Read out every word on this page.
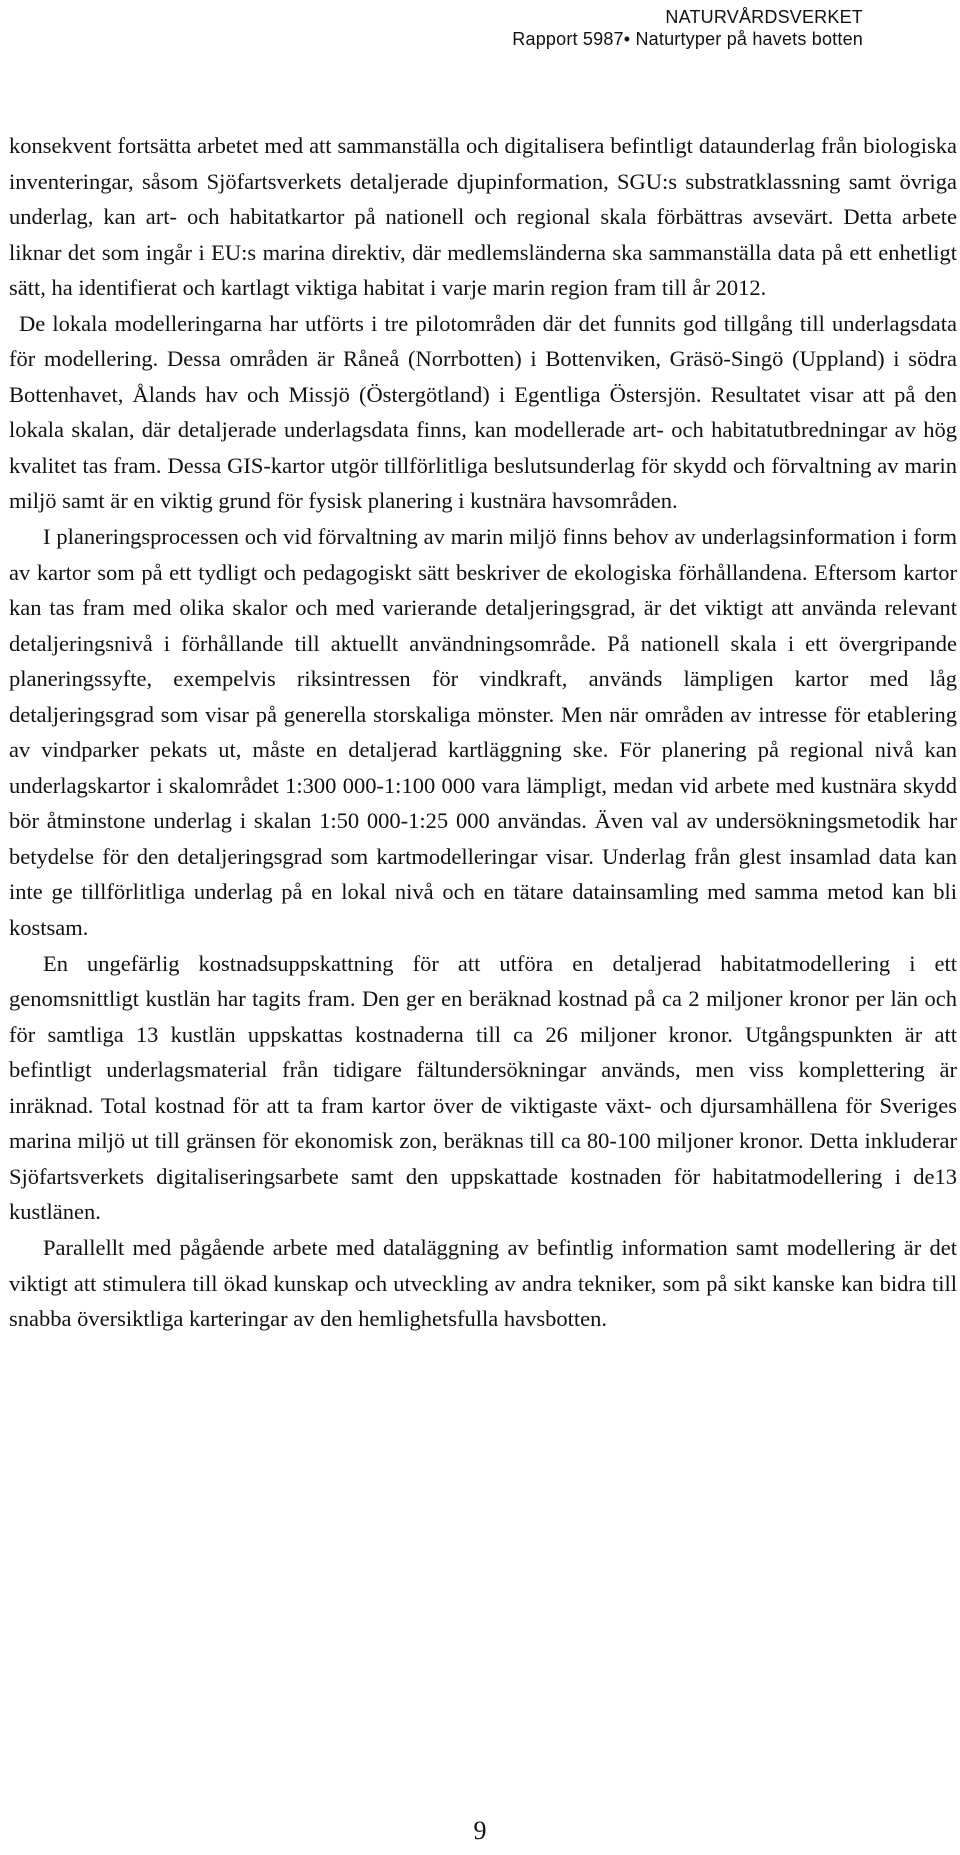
NATURVÅRDSVERKET
Rapport 5987• Naturtyper på havets botten

konsekvent fortsätta arbetet med att sammanställa och digitalisera befintligt dataunderlag från biologiska inventeringar, såsom Sjöfartsverkets detaljerade djupinformation, SGU:s substratklassning samt övriga underlag, kan art- och habitatkartor på nationell och regional skala förbättras avsevärt. Detta arbete liknar det som ingår i EU:s marina direktiv, där medlemsländerna ska sammanställa data på ett enhetligt sätt, ha identifierat och kartlagt viktiga habitat i varje marin region fram till år 2012.

De lokala modelleringarna har utförts i tre pilotområden där det funnits god tillgång till underlagsdata för modellering. Dessa områden är Råneå (Norrbotten) i Bottenviken, Gräsö-Singö (Uppland) i södra Bottenhavet, Ålands hav och Missjö (Östergötland) i Egentliga Östersjön. Resultatet visar att på den lokala skalan, där detaljerade underlagsdata finns, kan modellerade art- och habitatutbredningar av hög kvalitet tas fram. Dessa GIS-kartor utgör tillförlitliga beslutsunderlag för skydd och förvaltning av marin miljö samt är en viktig grund för fysisk planering i kustnära havsområden.

I planeringsprocessen och vid förvaltning av marin miljö finns behov av underlagsinformation i form av kartor som på ett tydligt och pedagogiskt sätt beskriver de ekologiska förhållandena. Eftersom kartor kan tas fram med olika skalor och med varierande detaljeringsgrad, är det viktigt att använda relevant detaljeringsnivå i förhållande till aktuellt användningsområde. På nationell skala i ett övergripande planeringssyfte, exempelvis riksintressen för vindkraft, används lämpligen kartor med låg detaljeringsgrad som visar på generella storskaliga mönster. Men när områden av intresse för etablering av vindparker pekats ut, måste en detaljerad kartläggning ske. För planering på regional nivå kan underlagskartor i skalområdet 1:300 000-1:100 000 vara lämpligt, medan vid arbete med kustnära skydd bör åtminstone underlag i skalan 1:50 000-1:25 000 användas. Även val av undersökningsmetodik har betydelse för den detaljeringsgrad som kartmodelleringar visar. Underlag från glest insamlad data kan inte ge tillförlitliga underlag på en lokal nivå och en tätare datainsamling med samma metod kan bli kostsam.

En ungefärlig kostnadsuppskattning för att utföra en detaljerad habitatmodellering i ett genomsnittligt kustlän har tagits fram. Den ger en beräknad kostnad på ca 2 miljoner kronor per län och för samtliga 13 kustlän uppskattas kostnaderna till ca 26 miljoner kronor. Utgångspunkten är att befintligt underlagsmaterial från tidigare fältundersökningar används, men viss komplettering är inräknad. Total kostnad för att ta fram kartor över de viktigaste växt- och djursamhällena för Sveriges marina miljö ut till gränsen för ekonomisk zon, beräknas till ca 80-100 miljoner kronor. Detta inkluderar Sjöfartsverkets digitaliseringsarbete samt den uppskattade kostnaden för habitatmodellering i de13 kustlänen.

Parallellt med pågående arbete med dataläggning av befintlig information samt modellering är det viktigt att stimulera till ökad kunskap och utveckling av andra tekniker, som på sikt kanske kan bidra till snabba översiktliga karteringar av den hemlighetsfulla havsbotten.

9
